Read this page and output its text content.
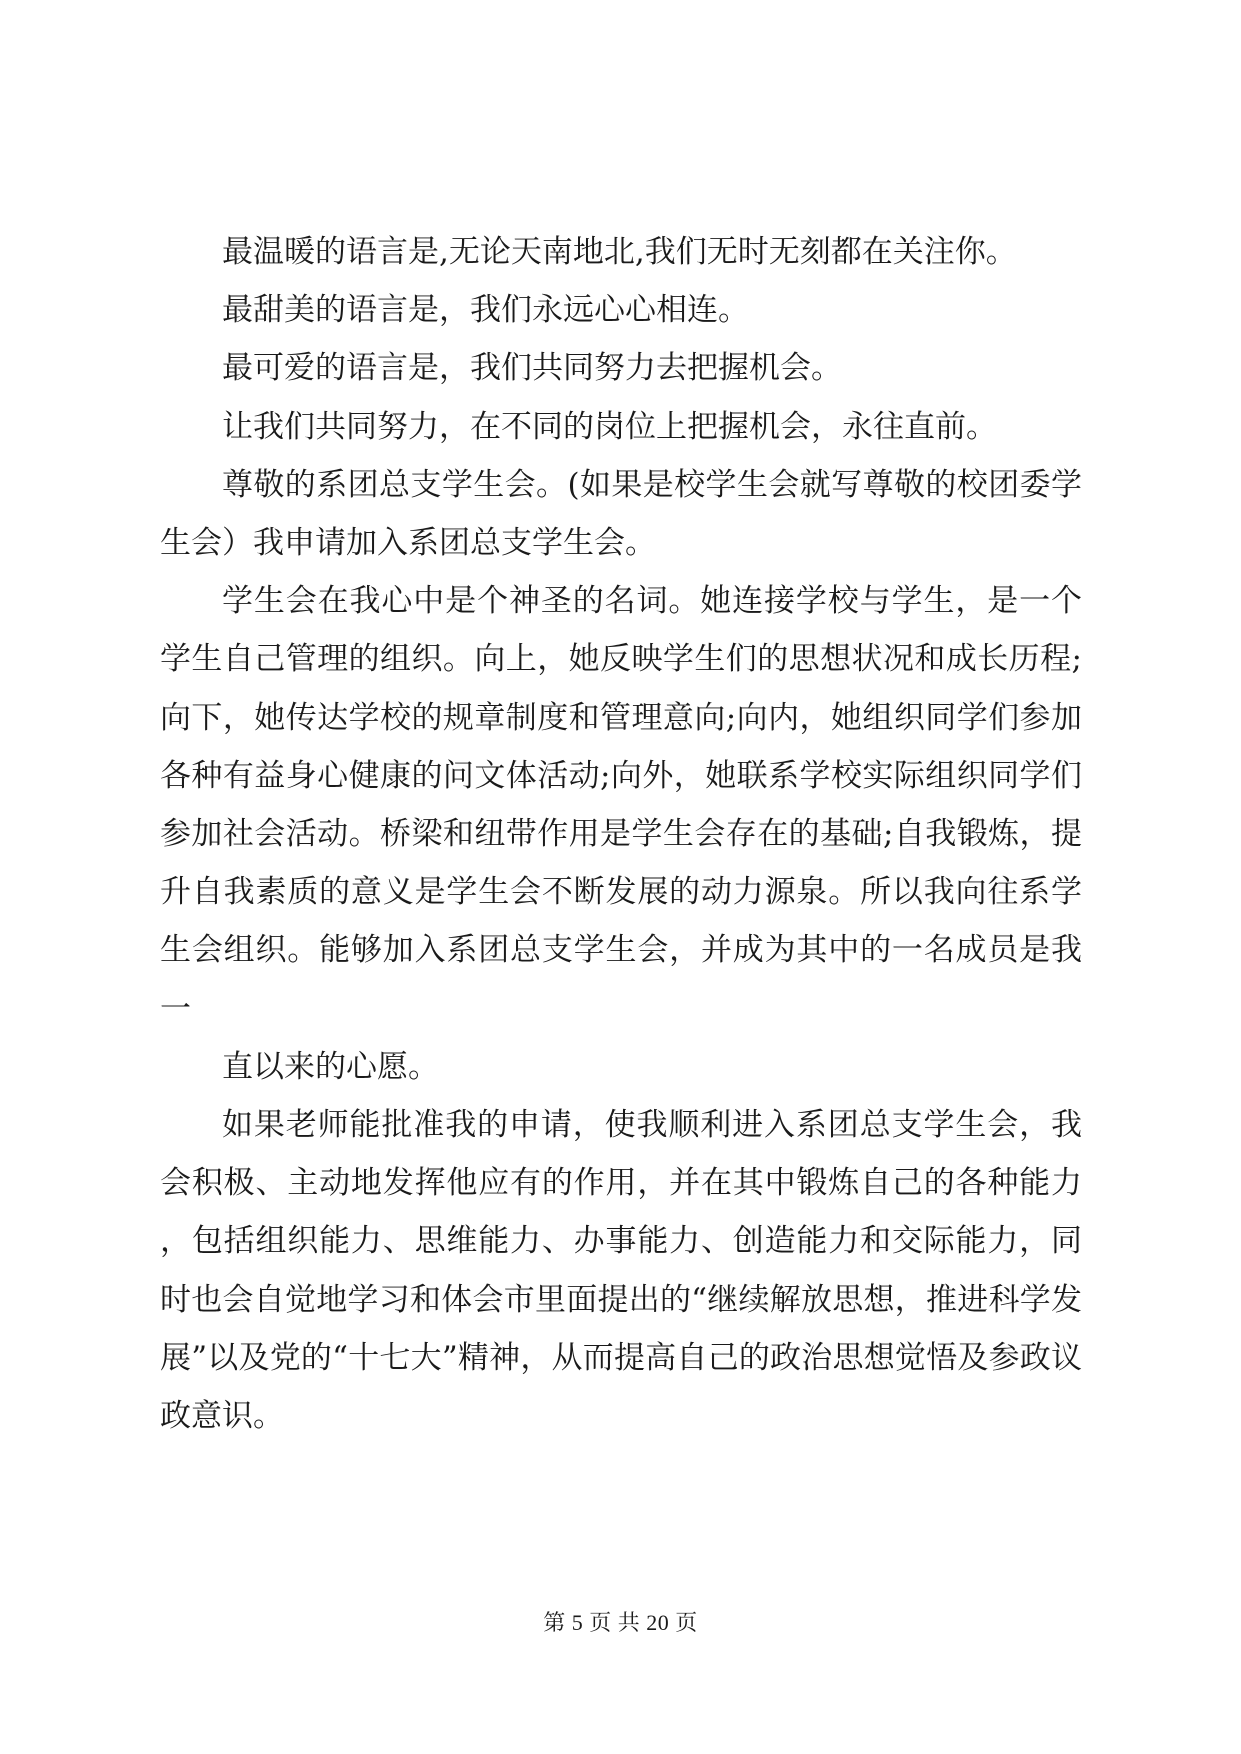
最温暖的语言是,无论天南地北,我们无时无刻都在关注你。

最甜美的语言是，我们永远心心相连。

最可爱的语言是，我们共同努力去把握机会。

让我们共同努力，在不同的岗位上把握机会，永往直前。

尊敬的系团总支学生会。(如果是校学生会就写尊敬的校团委学生会）我申请加入系团总支学生会。

学生会在我心中是个神圣的名词。她连接学校与学生，是一个学生自己管理的组织。向上，她反映学生们的思想状况和成长历程;向下，她传达学校的规章制度和管理意向;向内，她组织同学们参加各种有益身心健康的问文体活动;向外，她联系学校实际组织同学们参加社会活动。桥梁和纽带作用是学生会存在的基础;自我锻炼，提升自我素质的意义是学生会不断发展的动力源泉。所以我向往系学生会组织。能够加入系团总支学生会，并成为其中的一名成员是我一

直以来的心愿。

如果老师能批准我的申请，使我顺利进入系团总支学生会，我会积极、主动地发挥他应有的作用，并在其中锻炼自己的各种能力，包括组织能力、思维能力、办事能力、创造能力和交际能力，同时也会自觉地学习和体会市里面提出的“继续解放思想，推进科学发展”以及党的“十七大”精神，从而提高自己的政治思想觉悟及参政议政意识。

第 5 页 共 20 页
